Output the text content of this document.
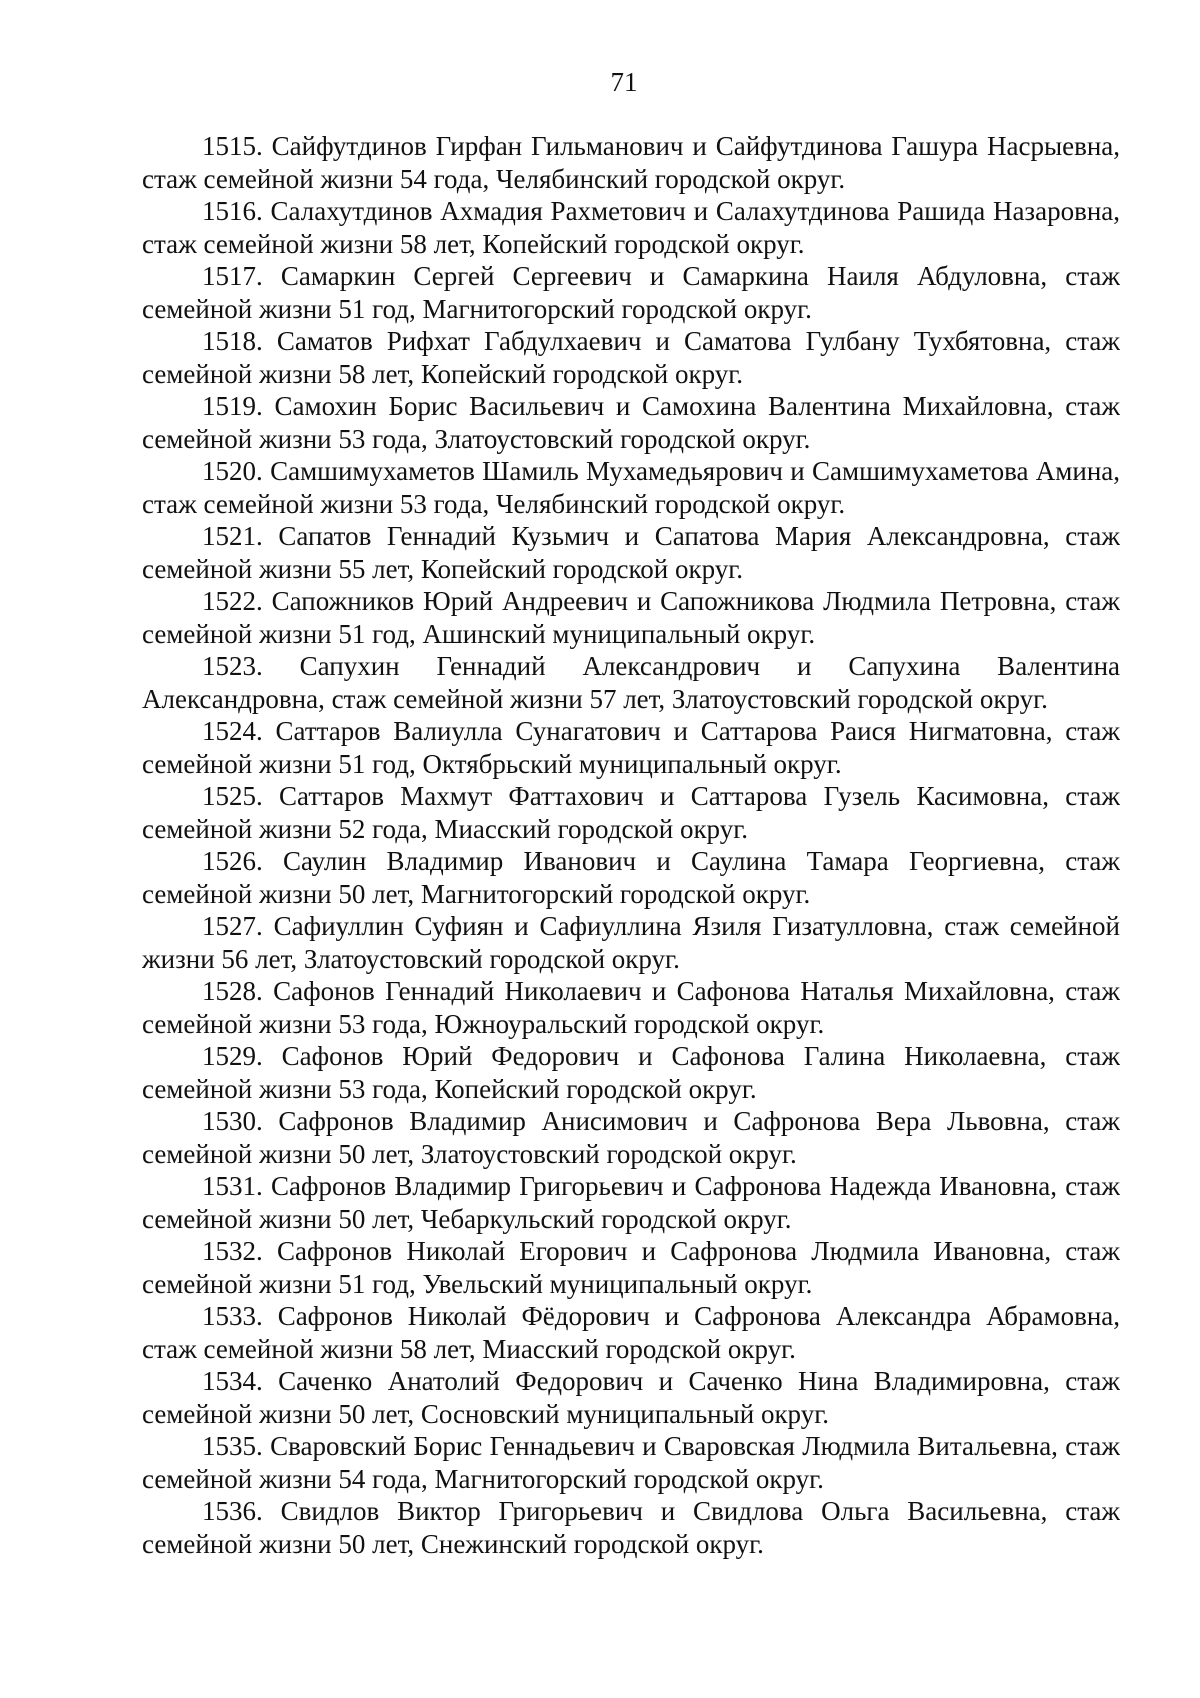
71
1515. Сайфутдинов Гирфан Гильманович и Сайфутдинова Гашура Насрыевна, стаж семейной жизни 54 года, Челябинский городской округ.
1516. Салахутдинов Ахмадия Рахметович и Салахутдинова Рашида Назаровна, стаж семейной жизни 58 лет, Копейский городской округ.
1517. Самаркин Сергей Сергеевич и Самаркина Наиля Абдуловна, стаж семейной жизни 51 год, Магнитогорский городской округ.
1518. Саматов Рифхат Габдулхаевич и Саматова Гулбану Тухбятовна, стаж семейной жизни 58 лет, Копейский городской округ.
1519. Самохин Борис Васильевич и Самохина Валентина Михайловна, стаж семейной жизни 53 года, Златоустовский городской округ.
1520. Самшимухаметов Шамиль Мухамедьярович и Самшимухаметова Амина, стаж семейной жизни 53 года, Челябинский городской округ.
1521. Сапатов Геннадий Кузьмич и Сапатова Мария Александровна, стаж семейной жизни 55 лет, Копейский городской округ.
1522. Сапожников Юрий Андреевич и Сапожникова Людмила Петровна, стаж семейной жизни 51 год, Ашинский муниципальный округ.
1523. Сапухин Геннадий Александрович и Сапухина Валентина Александровна, стаж семейной жизни 57 лет, Златоустовский городской округ.
1524. Саттаров Валиулла Сунагатович и Саттарова Раися Нигматовна, стаж семейной жизни 51 год, Октябрьский муниципальный округ.
1525. Саттаров Махмут Фаттахович и Саттарова Гузель Касимовна, стаж семейной жизни 52 года, Миасский городской округ.
1526. Саулин Владимир Иванович и Саулина Тамара Георгиевна, стаж семейной жизни 50 лет, Магнитогорский городской округ.
1527. Сафиуллин Суфиян и Сафиуллина Язиля Гизатулловна, стаж семейной жизни 56 лет, Златоустовский городской округ.
1528. Сафонов Геннадий Николаевич и Сафонова Наталья Михайловна, стаж семейной жизни 53 года, Южноуральский городской округ.
1529. Сафонов Юрий Федорович и Сафонова Галина Николаевна, стаж семейной жизни 53 года, Копейский городской округ.
1530. Сафронов Владимир Анисимович и Сафронова Вера Львовна, стаж семейной жизни 50 лет, Златоустовский городской округ.
1531. Сафронов Владимир Григорьевич и Сафронова Надежда Ивановна, стаж семейной жизни 50 лет, Чебаркульский городской округ.
1532. Сафронов Николай Егорович и Сафронова Людмила Ивановна, стаж семейной жизни 51 год, Увельский муниципальный округ.
1533. Сафронов Николай Фёдорович и Сафронова Александра Абрамовна, стаж семейной жизни 58 лет, Миасский городской округ.
1534. Саченко Анатолий Федорович и Саченко Нина Владимировна, стаж семейной жизни 50 лет, Сосновский муниципальный округ.
1535. Сваровский Борис Геннадьевич и Сваровская Людмила Витальевна, стаж семейной жизни 54 года, Магнитогорский городской округ.
1536. Свидлов Виктор Григорьевич и Свидлова Ольга Васильевна, стаж семейной жизни 50 лет, Снежинский городской округ.
